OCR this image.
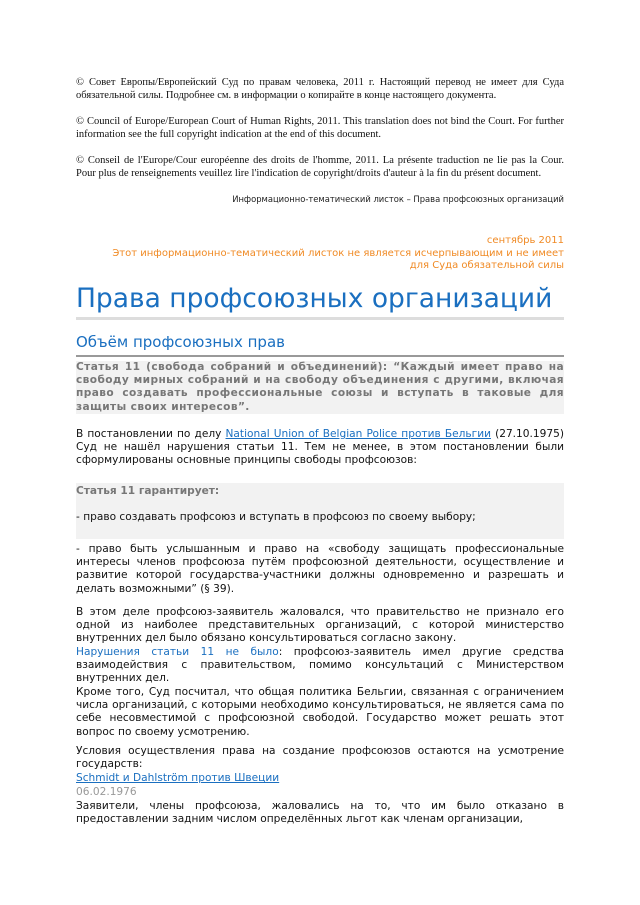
© Совет Европы/Европейский Суд по правам человека, 2011 г. Настоящий перевод не имеет для Суда обязательной силы. Подробнее см. в информации о копирайте в конце настоящего документа.
© Council of Europe/European Court of Human Rights, 2011. This translation does not bind the Court. For further information see the full copyright indication at the end of this document.
© Conseil de l'Europe/Cour européenne des droits de l'homme, 2011. La présente traduction ne lie pas la Cour. Pour plus de renseignements veuillez lire l'indication de copyright/droits d'auteur à la fin du présent document.
Информационно-тематический листок – Права профсоюзных организаций
сентябрь 2011
Этот информационно-тематический листок не является исчерпывающим и не имеет для Суда обязательной силы
Права профсоюзных организаций
Объём профсоюзных прав
Статья 11 (свобода собраний и объединений): “Каждый имеет право на свободу мирных собраний и на свободу объединения с другими, включая право создавать профессиональные союзы и вступать в таковые для защиты своих интересов”.

В постановлении по делу National Union of Belgian Police против Бельгии (27.10.1975) Суд не нашёл нарушения статьи 11. Тем не менее, в этом постановлении были сформулированы основные принципы свободы профсоюзов:

Статья 11 гарантирует:
- право создавать профсоюз и вступать в профсоюз по своему выбору;
- право быть услышанным и право на «свободу защищать профессиональные интересы членов профсоюза путём профсоюзной деятельности, осуществление и развитие которой государства-участники должны одновременно и разрешать и делать возможными” (§ 39).
В этом деле профсоюз-заявитель жаловался, что правительство не признало его одной из наиболее представительных организаций, с которой министерство внутренних дел было обязано консультироваться согласно закону.

Нарушения статьи 11 не было: профсоюз-заявитель имел другие средства взаимодействия с правительством, помимо консультаций с Министерством внутренних дел.

Кроме того, Суд посчитал, что общая политика Бельгии, связанная с ограничением числа организаций, с которыми необходимо консультироваться, не является сама по себе несовместимой с профсоюзной свободой. Государство может решать этот вопрос по своему усмотрению.
Условия осуществления права на создание профсоюзов остаются на усмотрение государств:
Schmidt и Dahlström против Швеции
06.02.1976
Заявители, члены профсоюза, жаловались на то, что им было отказано в предоставлении задним числом определённых льгот как членам организации,
